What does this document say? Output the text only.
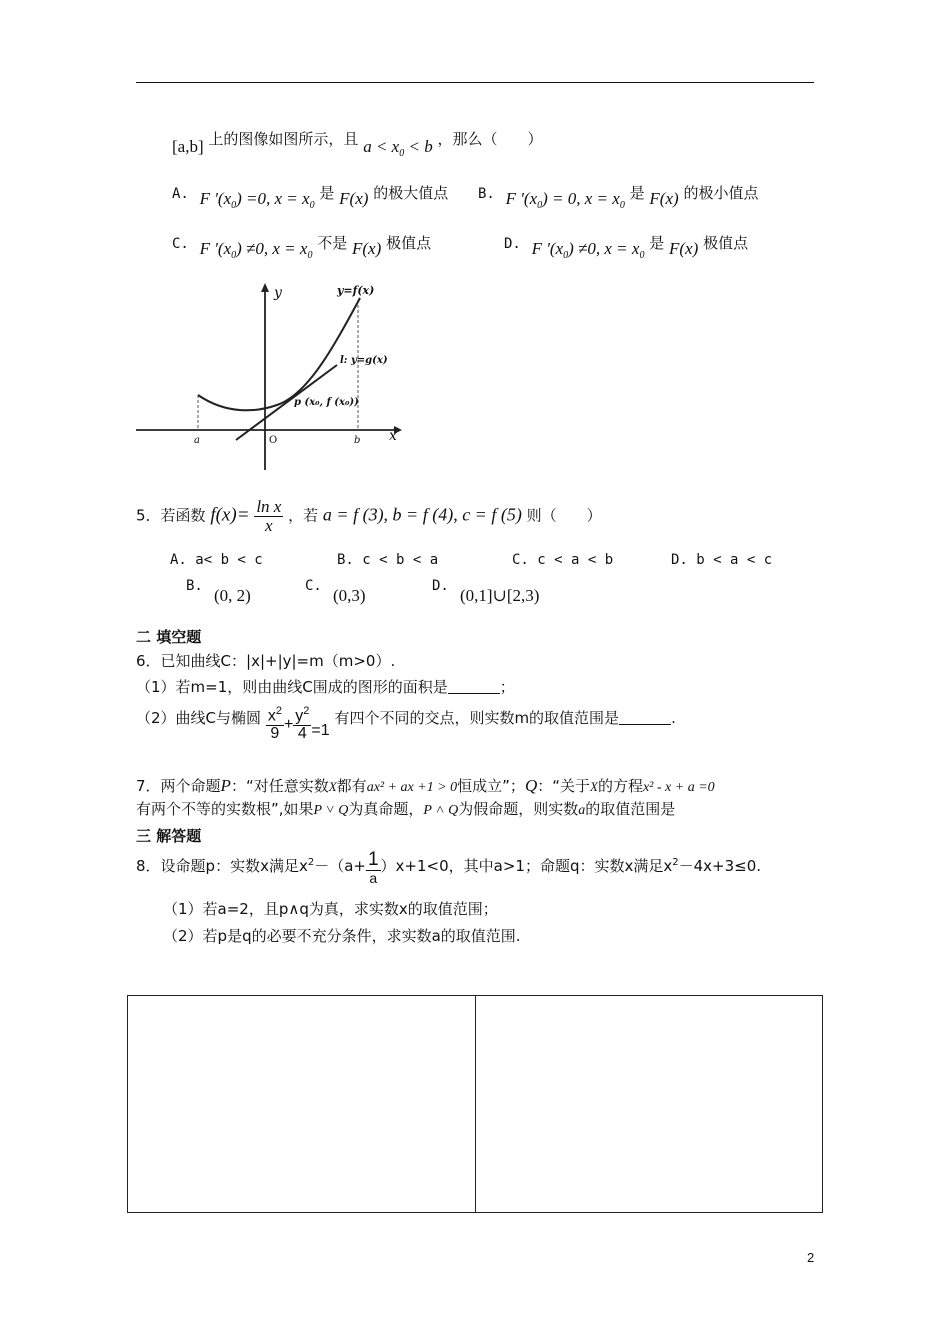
[a,b] 上的图像如图所示，且 $a < x_0 < b$ ，那么（　　）
A. F '$(x_0) =0$, $x = x_0$ 是 F(x) 的极大值点 B. F '$(x_0) = 0$, $x = x_0$ 是 F(x) 的极小值点
C. F '$(x_0) \ne 0$, $x = x_0$ 不是 F(x) 极值点	D. F '$(x_0) \ne 0$, $x = x_0$ 是 F(x) 极值点
y
x
y=f(x)
l: y=g(x)
p (x₀, f (x₀))
O
a	b
5．若函数 $f(x)= \frac{\text{ln x}}{x}$ ，若 a = f (3), b = f (4), c = f (5) 则（　　）
A. a< b < c	B. c < b < a	C. c < a < b	D. b < a < c
B. (0, 2)	C. (0,3)	D. (0,1]∪[2,3)
二 填空题
6．已知曲线C：|x|+|y|=m（m>0）.
（1）若m=1，则由曲线C围成的图形的面积是	；
（2）曲线C与椭圆 $\frac{x^2}{9} + \frac{y^2}{4} =1$ 有四个不同的交点，则实数m的取值范围是	.
7．两个命题P：“对任意实数X都有ax² + ax +1 > 0恒成立”；Q：“关于X的方程x² - x + a =0
有两个不等的实数根”,如果P ˅ Q为真命题，P ˄ Q为假命题，则实数a的取值范围是
三 解答题
8．设命题p：实数x满足$x^2-(a+ \frac{1}{a} )x+1<0$，其中a>1；命题q：实数x满足$x^2-4x+3\le 0$.
（1）若a=2，且p∧q为真，求实数x的取值范围；
（2）若p是q的必要不充分条件，求实数a的取值范围.
2
